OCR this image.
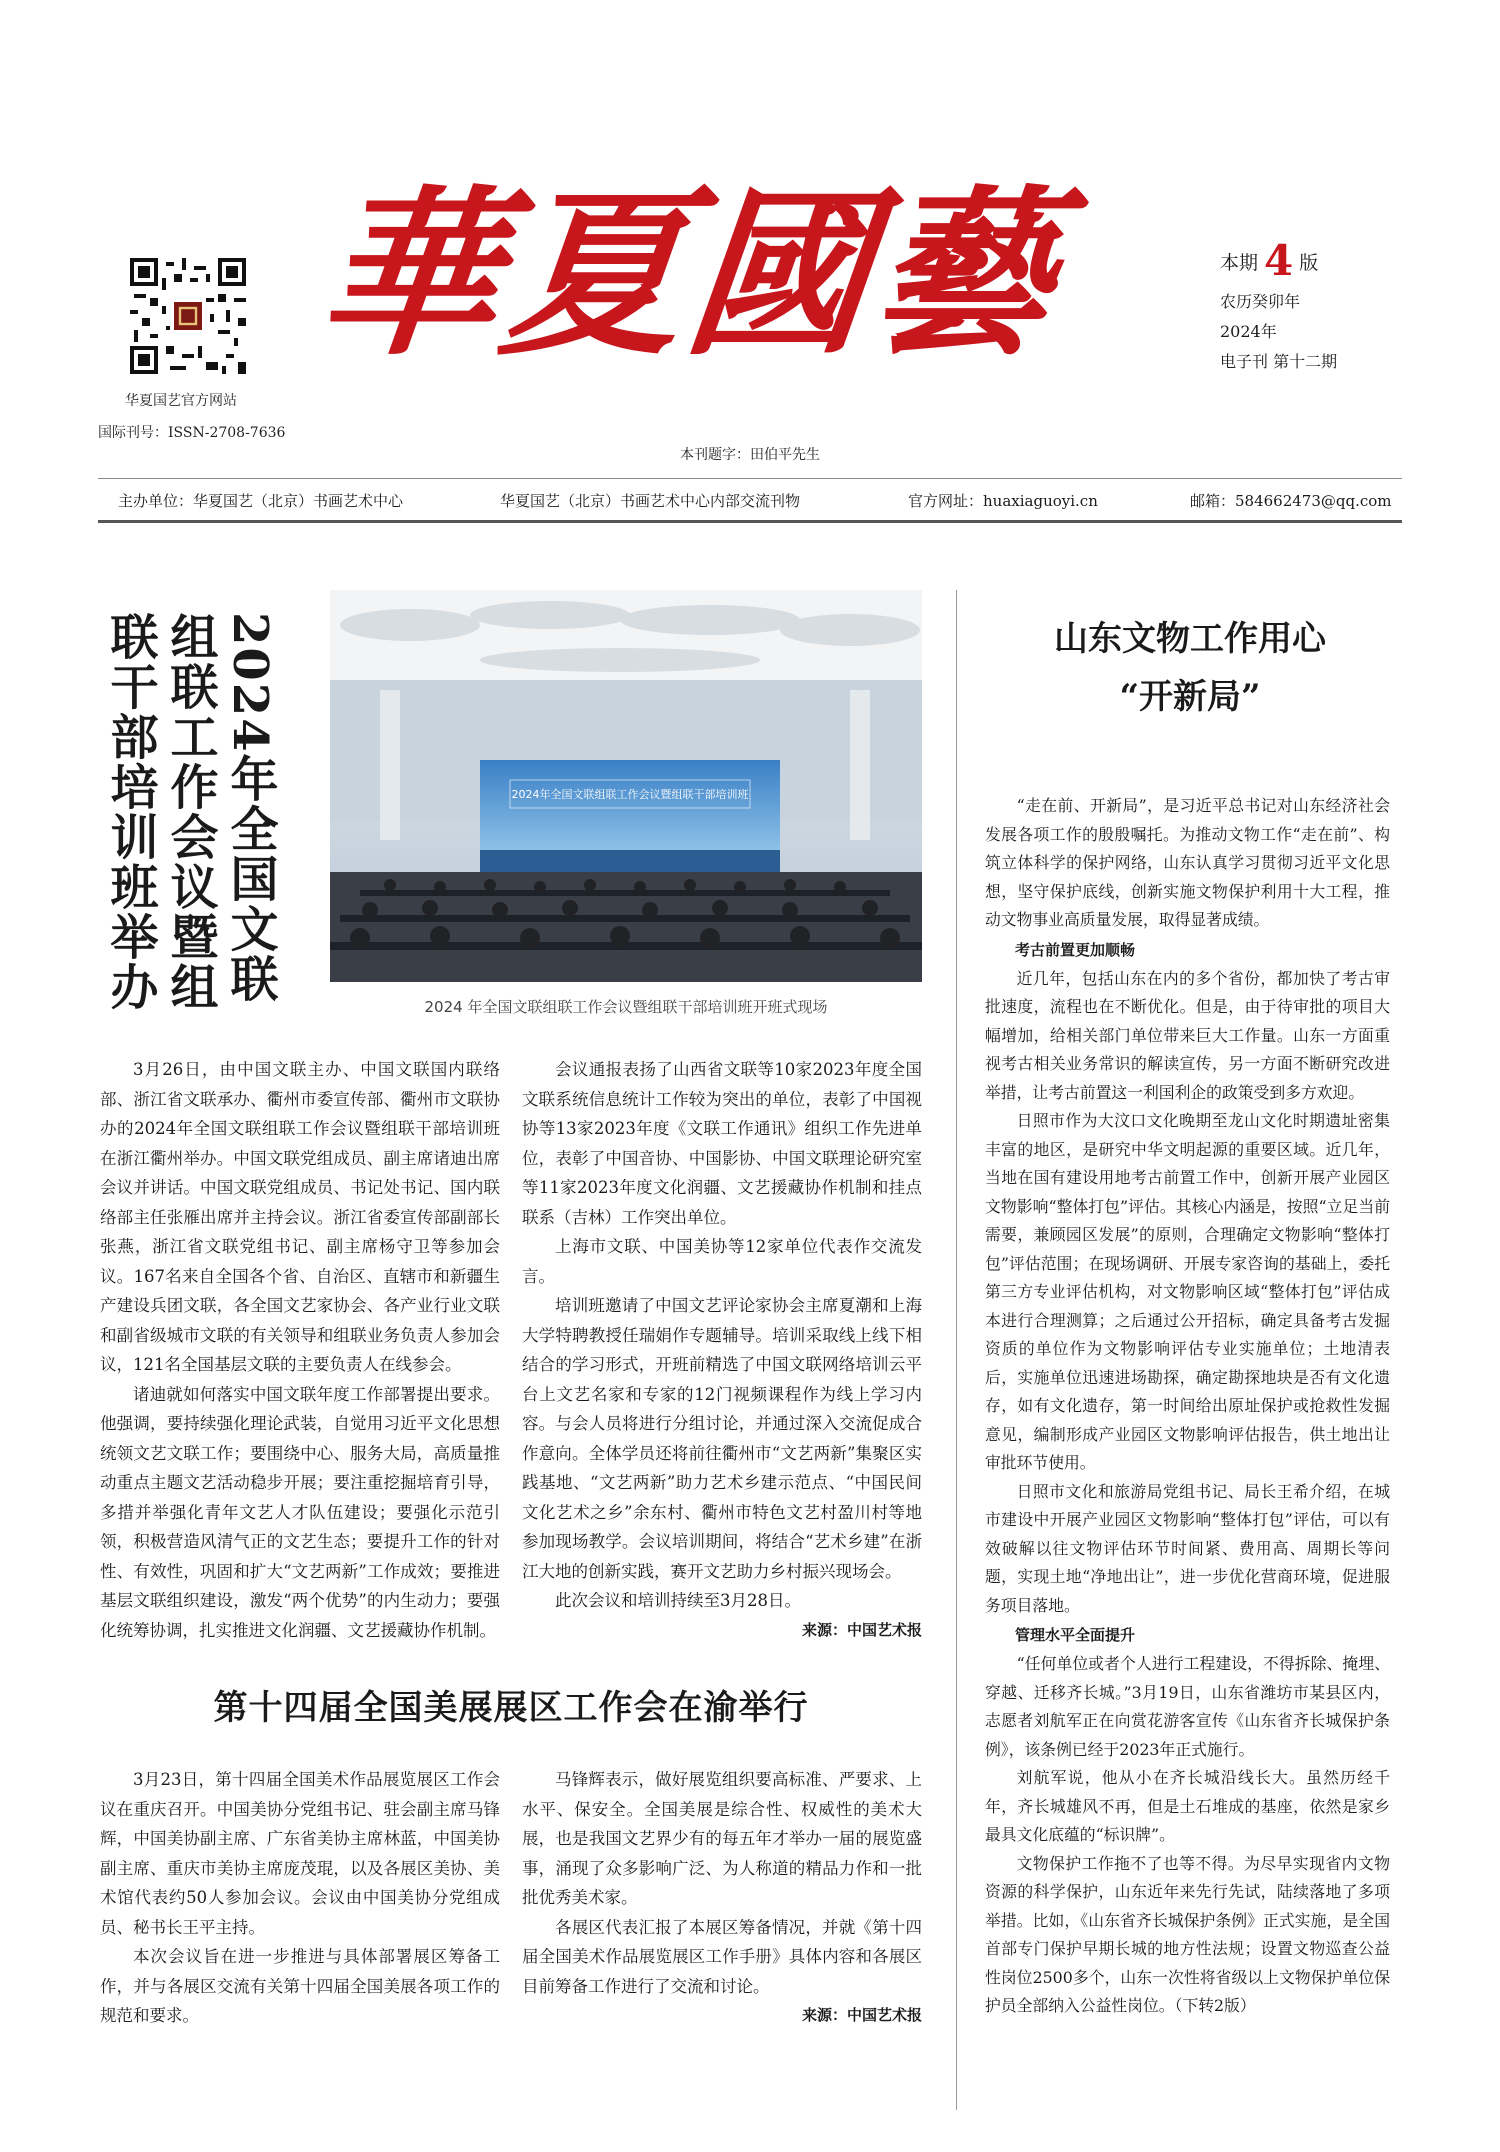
华夏国艺官方网站
国际刊号：ISSN-2708-7636
華夏國藝
本刊题字：田伯平先生
本期 4 版
农历癸卯年
2024年
电子刊 第十二期
主办单位：华夏国艺（北京）书画艺术中心	华夏国艺（北京）书画艺术中心内部交流刊物	官方网址：huaxiaguoyi.cn	邮箱：584662473@qq.com
2024年全国文联
组联工作会议暨组
联干部培训班举办	2024年全国文联组联工作会议暨组联干部培训班
2024 年全国文联组联工作会议暨组联干部培训班开班式现场

3月26日，由中国文联主办、中国文联国内联络部、浙江省文联承办、衢州市委宣传部、衢州市文联协办的2024年全国文联组联工作会议暨组联干部培训班在浙江衢州举办。中国文联党组成员、副主席诸迪出席会议并讲话。中国文联党组成员、书记处书记、国内联络部主任张雁出席并主持会议。浙江省委宣传部副部长张燕，浙江省文联党组书记、副主席杨守卫等参加会议。167名来自全国各个省、自治区、直辖市和新疆生产建设兵团文联，各全国文艺家协会、各产业行业文联和副省级城市文联的有关领导和组联业务负责人参加会议，121名全国基层文联的主要负责人在线参会。

诸迪就如何落实中国文联年度工作部署提出要求。他强调，要持续强化理论武装，自觉用习近平文化思想统领文艺文联工作；要围绕中心、服务大局，高质量推动重点主题文艺活动稳步开展；要注重挖掘培育引导，多措并举强化青年文艺人才队伍建设；要强化示范引领，积极营造风清气正的文艺生态；要提升工作的针对性、有效性，巩固和扩大“文艺两新”工作成效；要推进基层文联组织建设，激发“两个优势”的内生动力；要强化统筹协调，扎实推进文化润疆、文艺援藏协作机制。

会议通报表扬了山西省文联等10家2023年度全国文联系统信息统计工作较为突出的单位，表彰了中国视协等13家2023年度《文联工作通讯》组织工作先进单位，表彰了中国音协、中国影协、中国文联理论研究室等11家2023年度文化润疆、文艺援藏协作机制和挂点联系（吉林）工作突出单位。

上海市文联、中国美协等12家单位代表作交流发言。

培训班邀请了中国文艺评论家协会主席夏潮和上海大学特聘教授任瑞娟作专题辅导。培训采取线上线下相结合的学习形式，开班前精选了中国文联网络培训云平台上文艺名家和专家的12门视频课程作为线上学习内容。与会人员将进行分组讨论，并通过深入交流促成合作意向。全体学员还将前往衢州市“文艺两新”集聚区实践基地、“文艺两新”助力艺术乡建示范点、“中国民间文化艺术之乡”余东村、衢州市特色文艺村盈川村等地参加现场教学。会议培训期间，将结合“艺术乡建”在浙江大地的创新实践，赛开文艺助力乡村振兴现场会。

此次会议和培训持续至3月28日。

来源：中国艺术报
第十四届全国美展展区工作会在渝举行

3月23日，第十四届全国美术作品展览展区工作会议在重庆召开。中国美协分党组书记、驻会副主席马锋辉，中国美协副主席、广东省美协主席林蓝，中国美协副主席、重庆市美协主席庞茂琨，以及各展区美协、美术馆代表约50人参加会议。会议由中国美协分党组成员、秘书长王平主持。

本次会议旨在进一步推进与具体部署展区筹备工作，并与各展区交流有关第十四届全国美展各项工作的规范和要求。

马锋辉表示，做好展览组织要高标准、严要求、上水平、保安全。全国美展是综合性、权威性的美术大展，也是我国文艺界少有的每五年才举办一届的展览盛事，涌现了众多影响广泛、为人称道的精品力作和一批批优秀美术家。

各展区代表汇报了本展区筹备情况，并就《第十四届全国美术作品展览展区工作手册》具体内容和各展区目前筹备工作进行了交流和讨论。

来源：中国艺术报
山东文物工作用心
“开新局”

“走在前、开新局”，是习近平总书记对山东经济社会发展各项工作的殷殷嘱托。为推动文物工作“走在前”、构筑立体科学的保护网络，山东认真学习贯彻习近平文化思想，坚守保护底线，创新实施文物保护利用十大工程，推动文物事业高质量发展，取得显著成绩。

考古前置更加顺畅

近几年，包括山东在内的多个省份，都加快了考古审批速度，流程也在不断优化。但是，由于待审批的项目大幅增加，给相关部门单位带来巨大工作量。山东一方面重视考古相关业务常识的解读宣传，另一方面不断研究改进举措，让考古前置这一利国利企的政策受到多方欢迎。

日照市作为大汶口文化晚期至龙山文化时期遗址密集丰富的地区，是研究中华文明起源的重要区域。近几年，当地在国有建设用地考古前置工作中，创新开展产业园区文物影响“整体打包”评估。其核心内涵是，按照“立足当前需要，兼顾园区发展”的原则，合理确定文物影响“整体打包”评估范围；在现场调研、开展专家咨询的基础上，委托第三方专业评估机构，对文物影响区域“整体打包”评估成本进行合理测算；之后通过公开招标，确定具备考古发掘资质的单位作为文物影响评估专业实施单位；土地清表后，实施单位迅速进场勘探，确定勘探地块是否有文化遗存，如有文化遗存，第一时间给出原址保护或抢救性发掘意见，编制形成产业园区文物影响评估报告，供土地出让审批环节使用。

日照市文化和旅游局党组书记、局长王希介绍，在城市建设中开展产业园区文物影响“整体打包”评估，可以有效破解以往文物评估环节时间紧、费用高、周期长等问题，实现土地“净地出让”，进一步优化营商环境，促进服务项目落地。

管理水平全面提升

“任何单位或者个人进行工程建设，不得拆除、掩埋、穿越、迁移齐长城。”3月19日，山东省潍坊市某县区内，志愿者刘航军正在向赏花游客宣传《山东省齐长城保护条例》，该条例已经于2023年正式施行。

刘航军说，他从小在齐长城沿线长大。虽然历经千年，齐长城雄风不再，但是土石堆成的基座，依然是家乡最具文化底蕴的“标识牌”。

文物保护工作拖不了也等不得。为尽早实现省内文物资源的科学保护，山东近年来先行先试，陆续落地了多项举措。比如，《山东省齐长城保护条例》正式实施，是全国首部专门保护早期长城的地方性法规；设置文物巡查公益性岗位2500多个，山东一次性将省级以上文物保护单位保护员全部纳入公益性岗位。（下转2版）
